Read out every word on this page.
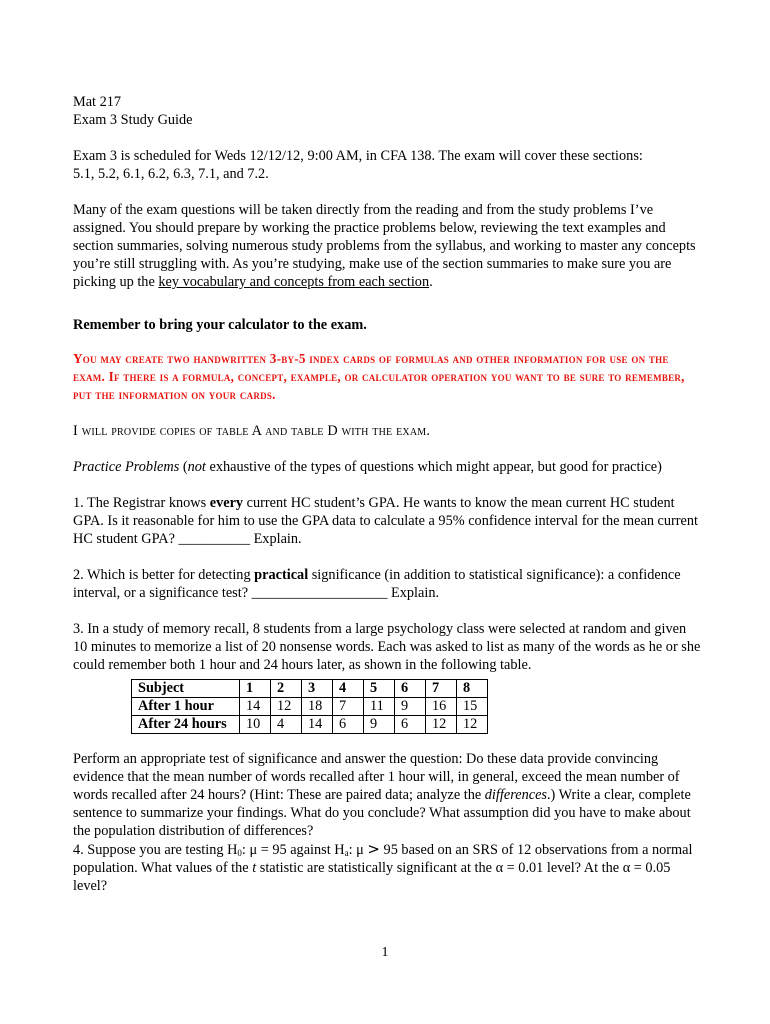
Mat 217

Exam 3 Study Guide

Exam 3 is scheduled for Weds 12/12/12, 9:00 AM, in CFA 138. The exam will cover these sections:
5.1, 5.2, 6.1, 6.2, 6.3, 7.1, and 7.2.

Many of the exam questions will be taken directly from the reading and from the study problems I’ve assigned. You should prepare by working the practice problems below, reviewing the text examples and section summaries, solving numerous study problems from the syllabus, and working to master any concepts you’re still struggling with. As you’re studying, make use of the section summaries to make sure you are picking up the key vocabulary and concepts from each section.

Remember to bring your calculator to the exam.

You may create two handwritten 3-by-5 index cards of formulas and other information for use on the exam. If there is a formula, concept, example, or calculator operation you want to be sure to remember, put the information on your cards.

I will provide copies of table A and table D with the exam.

Practice Problems (not exhaustive of the types of questions which might appear, but good for practice)

1. The Registrar knows every current HC student’s GPA. He wants to know the mean current HC student GPA. Is it reasonable for him to use the GPA data to calculate a 95% confidence interval for the mean current HC student GPA? __________ Explain.

2. Which is better for detecting practical significance (in addition to statistical significance): a confidence interval, or a significance test? ___________________ Explain.

3. In a study of memory recall, 8 students from a large psychology class were selected at random and given 10 minutes to memorize a list of 20 nonsense words. Each was asked to list as many of the words as he or she could remember both 1 hour and 24 hours later, as shown in the following table.

Subject	1	2	3	4	5	6	7	8
After 1 hour	14	12	18	7	11	9	16	15
After 24 hours	10	4	14	6	9	6	12	12

Perform an appropriate test of significance and answer the question: Do these data provide convincing evidence that the mean number of words recalled after 1 hour will, in general, exceed the mean number of words recalled after 24 hours? (Hint: These are paired data; analyze the differences.) Write a clear, complete sentence to summarize your findings. What do you conclude? What assumption did you have to make about the population distribution of differences?

4. Suppose you are testing $H_0$: μ = 95 against $H_a$: μ > 95 based on an SRS of 12 observations from a normal population. What values of the t statistic are statistically significant at the α = 0.01 level? At the α = 0.05 level?

1
